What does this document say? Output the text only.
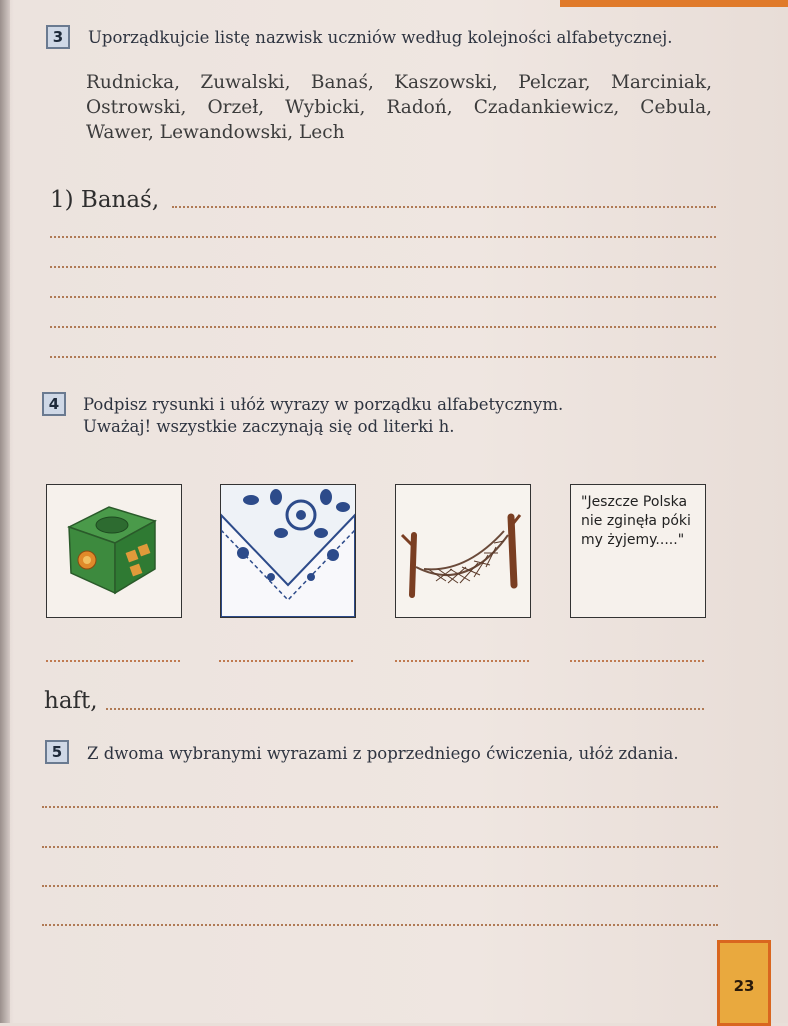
3	Uporządkujcie listę nazwisk uczniów według kolejności alfabetycznej.
Rudnicka, Zuwalski, Banaś, Kaszowski, Pelczar, Marciniak,
Ostrowski, Orzeł, Wybicki, Radoń, Czadankiewicz, Cebula,
Wawer, Lewandowski, Lech
1) Banaś,
4	Podpisz rysunki i ułóż wyrazy w porządku alfabetycznym.
Uważaj! wszystkie zaczynają się od literki h.
"Jeszcze Polska nie zginęła póki my żyjemy....."
haft,
5	Z dwoma wybranymi wyrazami z poprzedniego ćwiczenia, ułóż zdania.
23
